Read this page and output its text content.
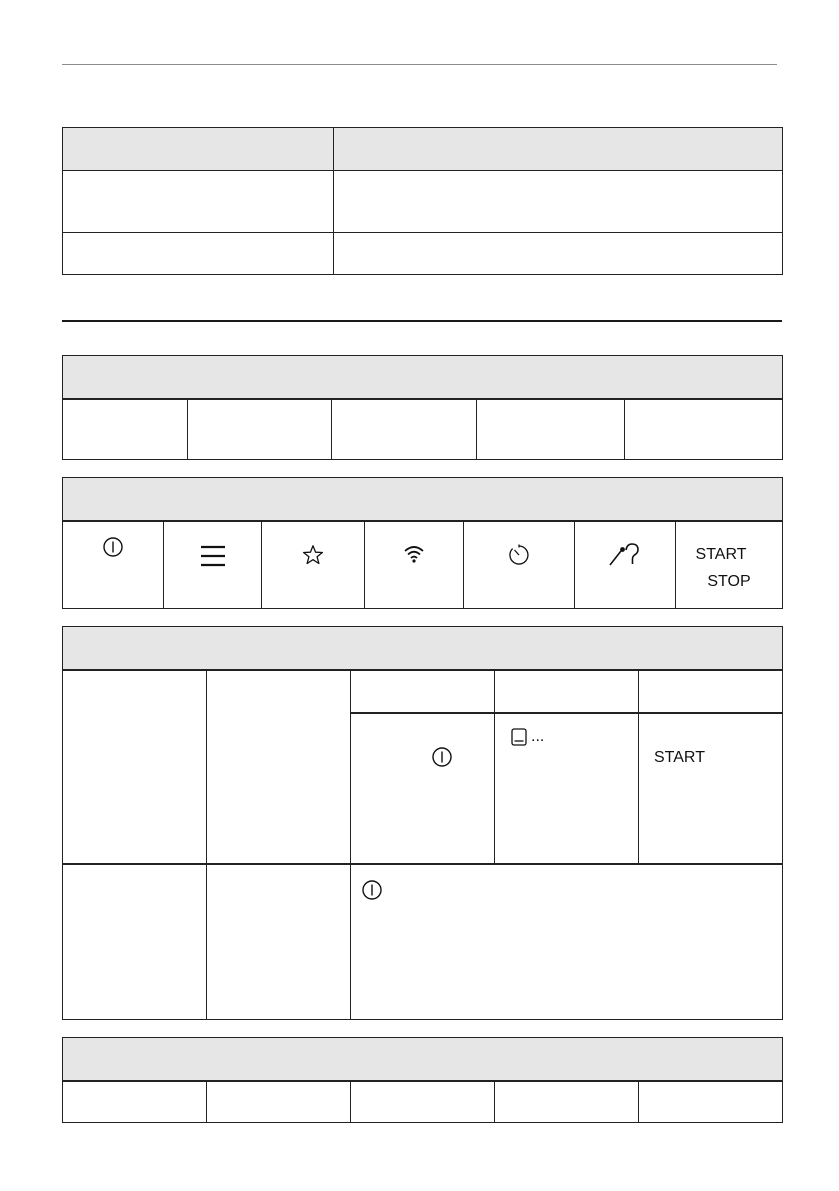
START
STOP

...	START
